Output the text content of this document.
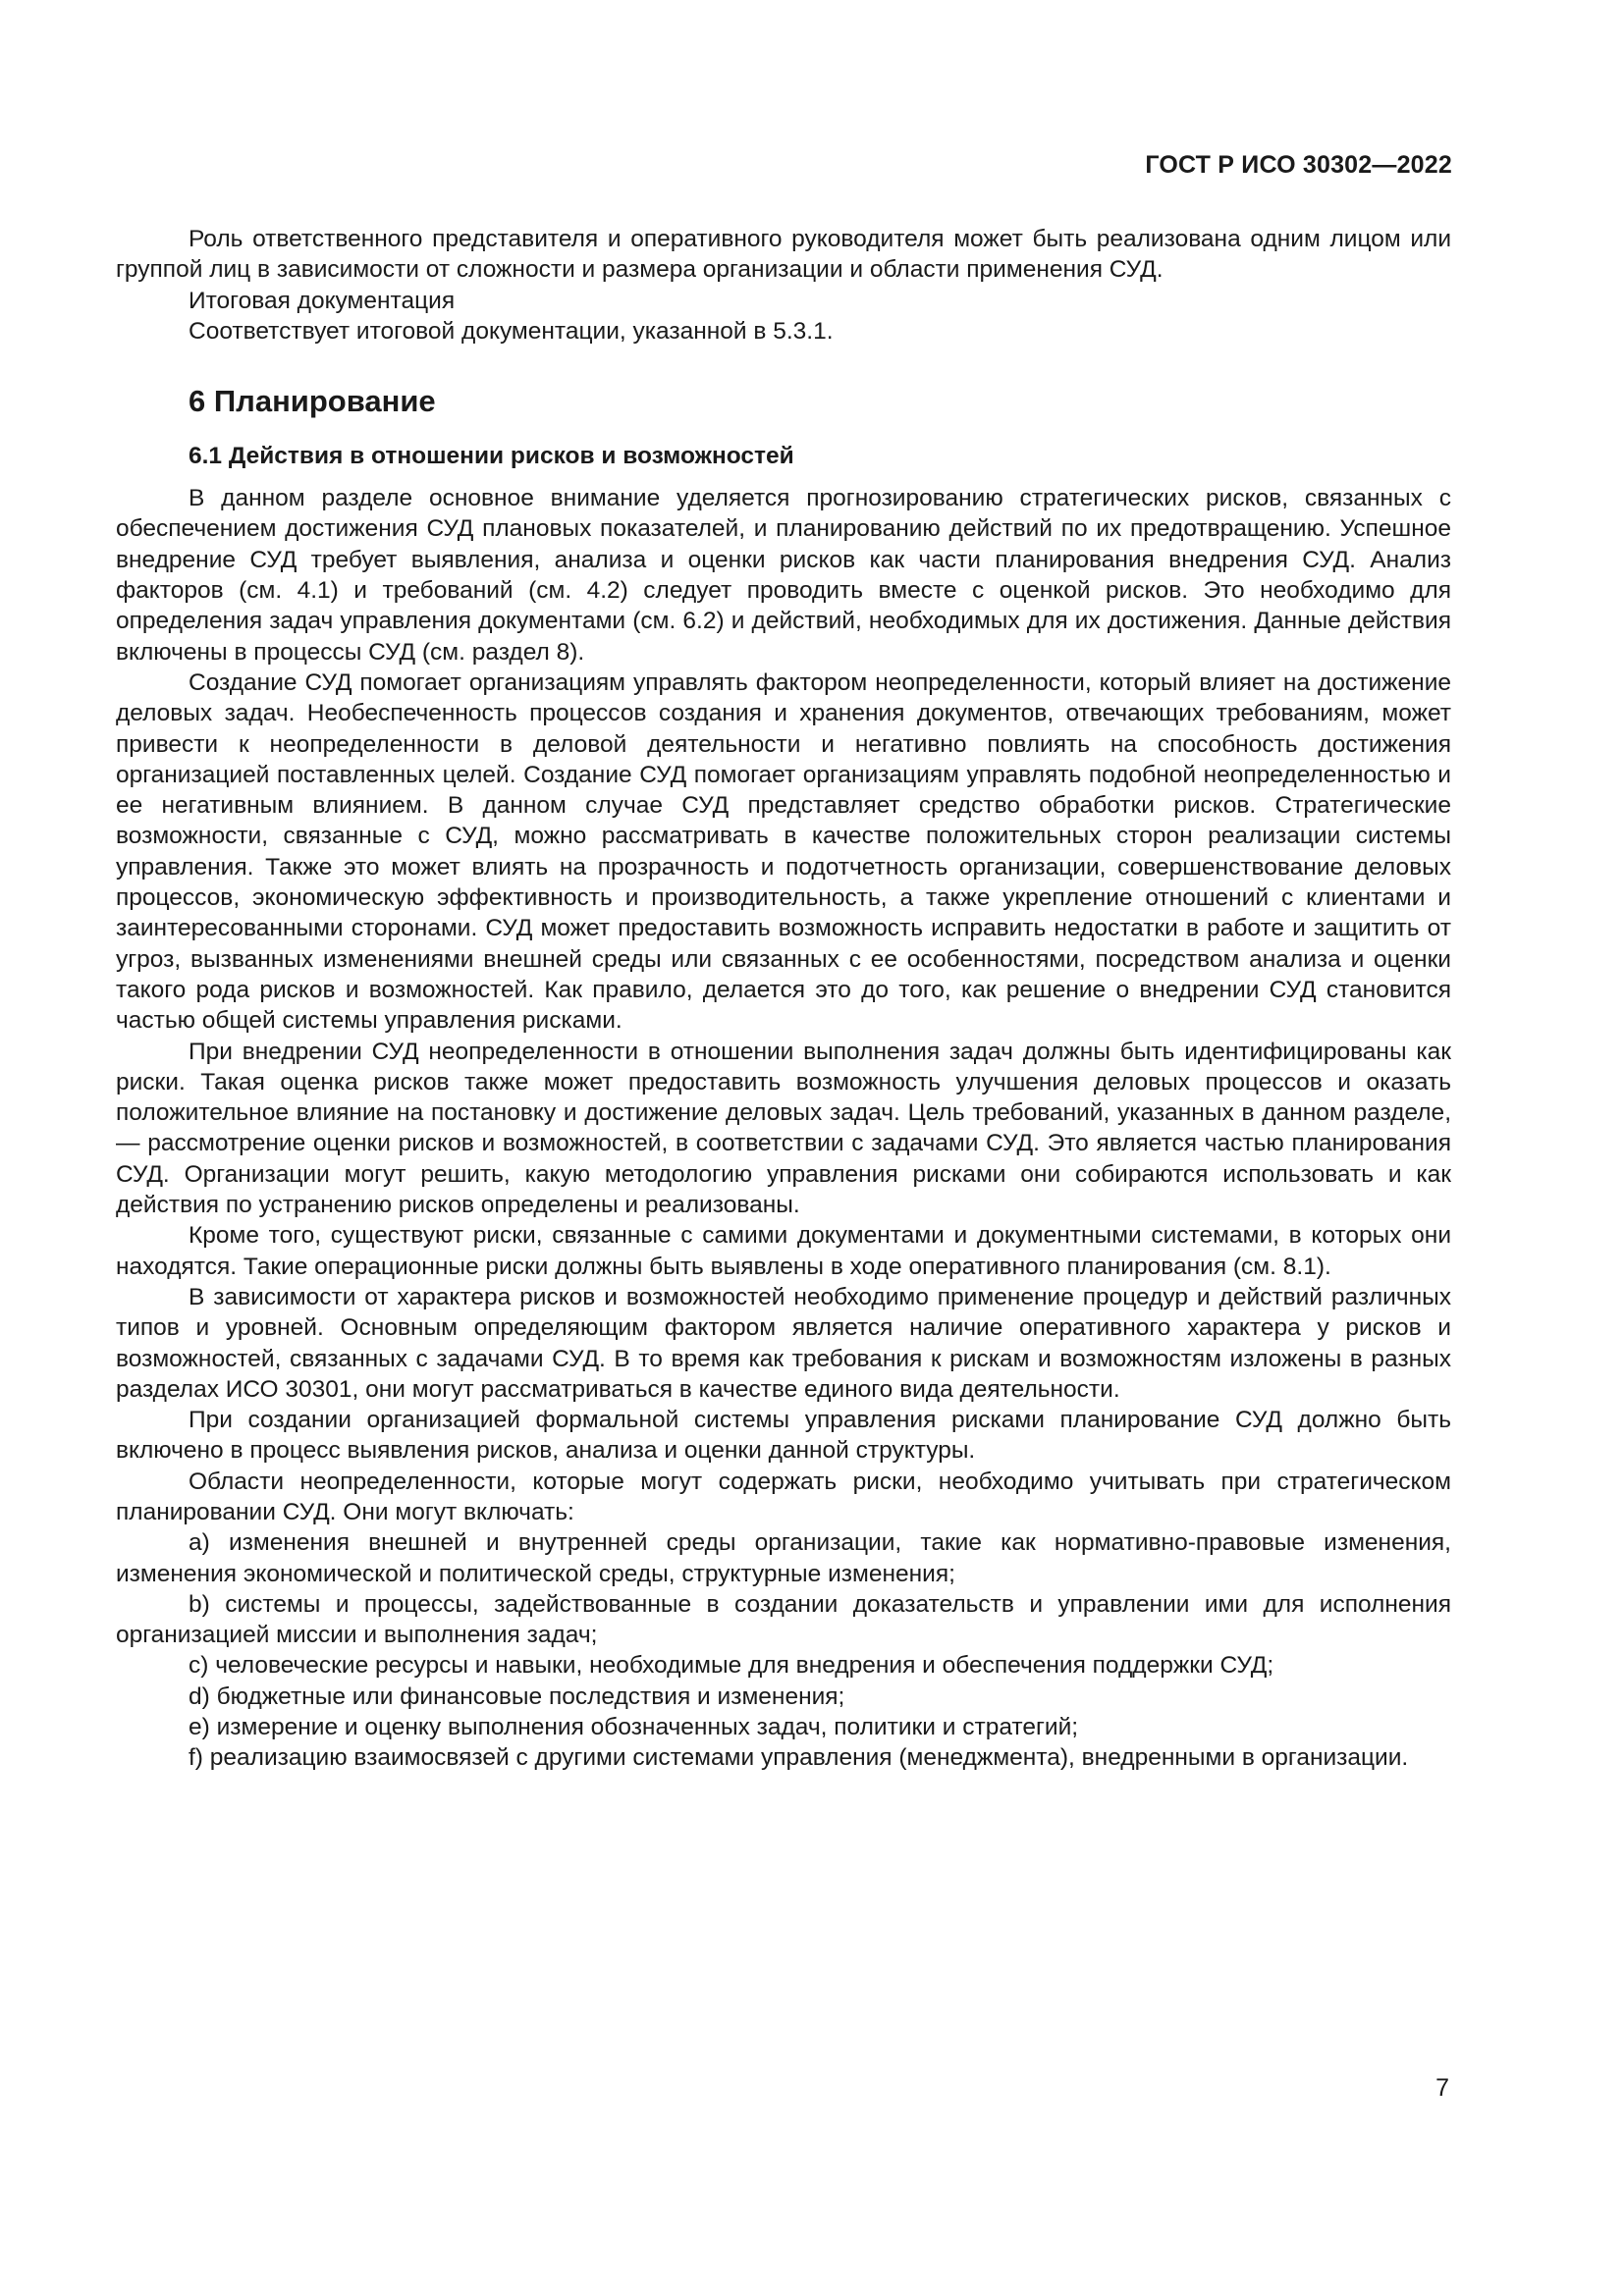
ГОСТ Р ИСО 30302—2022

Роль ответственного представителя и оперативного руководителя может быть реализована одним лицом или группой лиц в зависимости от сложности и размера организации и области применения СУД.

Итоговая документация

Соответствует итоговой документации, указанной в 5.3.1.

6 Планирование
6.1 Действия в отношении рисков и возможностей

В данном разделе основное внимание уделяется прогнозированию стратегических рисков, связанных с обеспечением достижения СУД плановых показателей, и планированию действий по их предотвращению. Успешное внедрение СУД требует выявления, анализа и оценки рисков как части планирования внедрения СУД. Анализ факторов (см. 4.1) и требований (см. 4.2) следует проводить вместе с оценкой рисков. Это необходимо для определения задач управления документами (см. 6.2) и действий, необходимых для их достижения. Данные действия включены в процессы СУД (см. раздел 8).

Создание СУД помогает организациям управлять фактором неопределенности, который влияет на достижение деловых задач. Необеспеченность процессов создания и хранения документов, отвечающих требованиям, может привести к неопределенности в деловой деятельности и негативно повлиять на способность достижения организацией поставленных целей. Создание СУД помогает организациям управлять подобной неопределенностью и ее негативным влиянием. В данном случае СУД представляет средство обработки рисков. Стратегические возможности, связанные с СУД, можно рассматривать в качестве положительных сторон реализации системы управления. Также это может влиять на прозрачность и подотчетность организации, совершенствование деловых процессов, экономическую эффективность и производительность, а также укрепление отношений с клиентами и заинтересованными сторонами. СУД может предоставить возможность исправить недостатки в работе и защитить от угроз, вызванных изменениями внешней среды или связанных с ее особенностями, посредством анализа и оценки такого рода рисков и возможностей. Как правило, делается это до того, как решение о внедрении СУД становится частью общей системы управления рисками.

При внедрении СУД неопределенности в отношении выполнения задач должны быть идентифицированы как риски. Такая оценка рисков также может предоставить возможность улучшения деловых процессов и оказать положительное влияние на постановку и достижение деловых задач. Цель требований, указанных в данном разделе, — рассмотрение оценки рисков и возможностей, в соответствии с задачами СУД. Это является частью планирования СУД. Организации могут решить, какую методологию управления рисками они собираются использовать и как действия по устранению рисков определены и реализованы.

Кроме того, существуют риски, связанные с самими документами и документными системами, в которых они находятся. Такие операционные риски должны быть выявлены в ходе оперативного планирования (см. 8.1).

В зависимости от характера рисков и возможностей необходимо применение процедур и действий различных типов и уровней. Основным определяющим фактором является наличие оперативного характера у рисков и возможностей, связанных с задачами СУД. В то время как требования к рискам и возможностям изложены в разных разделах ИСО 30301, они могут рассматриваться в качестве единого вида деятельности.

При создании организацией формальной системы управления рисками планирование СУД должно быть включено в процесс выявления рисков, анализа и оценки данной структуры.

Области неопределенности, которые могут содержать риски, необходимо учитывать при стратегическом планировании СУД. Они могут включать:

a) изменения внешней и внутренней среды организации, такие как нормативно-правовые изменения, изменения экономической и политической среды, структурные изменения;

b) системы и процессы, задействованные в создании доказательств и управлении ими для исполнения организацией миссии и выполнения задач;

c) человеческие ресурсы и навыки, необходимые для внедрения и обеспечения поддержки СУД;

d) бюджетные или финансовые последствия и изменения;

e) измерение и оценку выполнения обозначенных задач, политики и стратегий;

f) реализацию взаимосвязей с другими системами управления (менеджмента), внедренными в организации.

7
